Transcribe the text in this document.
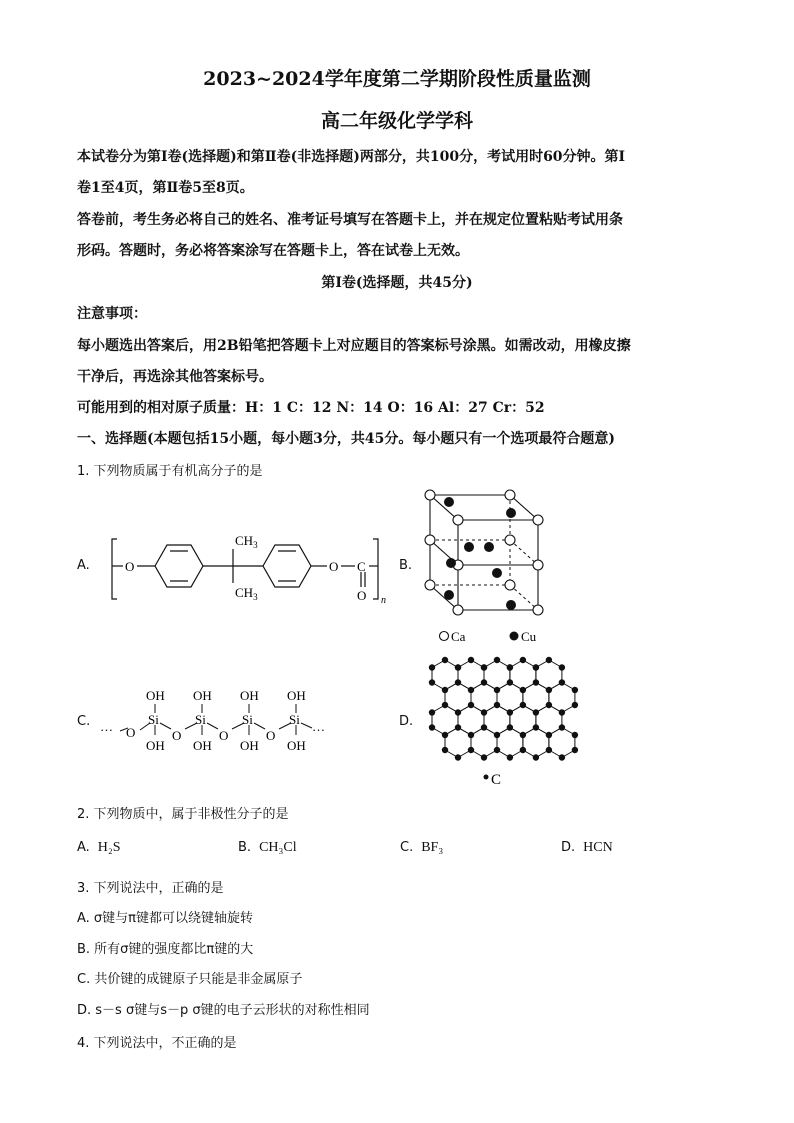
2023~2024学年度第二学期阶段性质量监测
高二年级化学学科
本试卷分为第Ⅰ卷(选择题)和第Ⅱ卷(非选择题)两部分，共100分，考试用时60分钟。第Ⅰ
卷1至4页，第Ⅱ卷5至8页。
答卷前，考生务必将自己的姓名、准考证号填写在答题卡上，并在规定位置粘贴考试用条
形码。答题时，务必将答案涂写在答题卡上，答在试卷上无效。
第Ⅰ卷(选择题，共45分)
注意事项：
每小题选出答案后，用2B铅笔把答题卡上对应题目的答案标号涂黑。如需改动，用橡皮擦
干净后，再选涂其他答案标号。
可能用到的相对原子质量：H：1 C：12 N：14 O：16 Al：27 Cr：52
一、选择题(本题包括15小题，每小题3分，共45分。每小题只有一个选项最符合题意)
1. 下列物质属于有机高分子的是
A.	B.
C.	D.
O	O C
O
$CH_3$
$CH_3$	n
Ca	Cu
… O
OH
Si
OH
O
OH
Si
OH
O
OH
Si
OH
O
OH
Si
OH
…
C
2. 下列物质中，属于非极性分子的是
A. H₂S	B. CH₃Cl	C. BF₃	D. HCN
3. 下列说法中，正确的是
A. σ键与π键都可以绕键轴旋转
B. 所有σ键的强度都比π键的大
C. 共价键的成键原子只能是非金属原子
D. s－s σ键与s－p σ键的电子云形状的对称性相同
4. 下列说法中，不正确的是
